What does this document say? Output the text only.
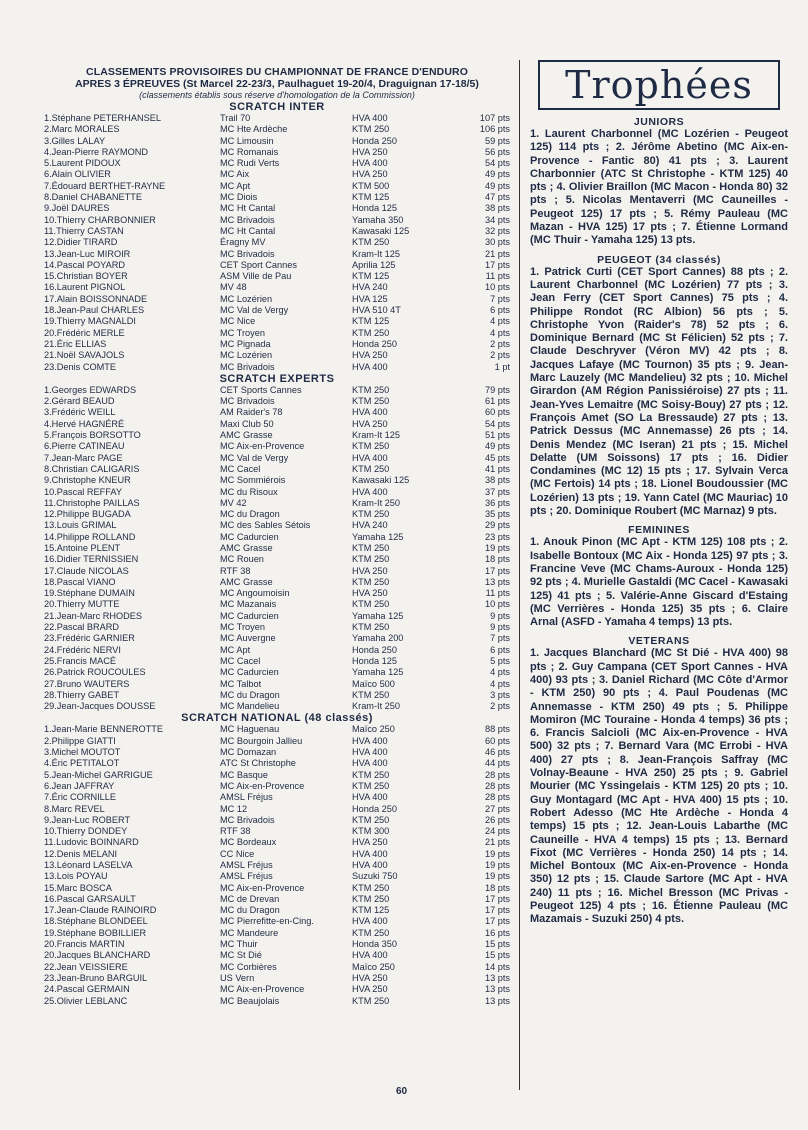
CLASSEMENTS PROVISOIRES DU CHAMPIONNAT DE FRANCE D'ENDURO
APRES 3 ÉPREUVES (St Marcel 22-23/3, Paulhaguet 19-20/4, Draguignan 17-18/5)
(classements établis sous réserve d'homologation de la Commission)
SCRATCH INTER
1.Stéphane PETERHANSEL	Trail 70	HVA 400	107 pts
2.Marc MORALES	MC Hte Ardèche	KTM 250	106 pts
3.Gilles LALAY	MC Limousin	Honda 250	59 pts
4.Jean-Pierre RAYMOND	MC Romanais	HVA 250	56 pts
5.Laurent PIDOUX	MC Rudi Verts	HVA 400	54 pts
6.Alain OLIVIER	MC Aix	HVA 250	49 pts
7.Édouard BERTHET-RAYNE	MC Apt	KTM 500	49 pts
8.Daniel CHABANETTE	MC Diois	KTM 125	47 pts
9.Joël DAURES	MC Ht Cantal	Honda 125	38 pts
10.Thierry CHARBONNIER	MC Brivadois	Yamaha 350	34 pts
11.Thierry CASTAN	MC Ht Cantal	Kawasaki 125	32 pts
12.Didier TIRARD	Éragny MV	KTM 250	30 pts
13.Jean-Luc MIROIR	MC Brivadois	Kram-It 125	21 pts
14.Pascal POYARD	CET Sport Cannes	Aprilia 125	17 pts
15.Christian BOYER	ASM Ville de Pau	KTM 125	11 pts
16.Laurent PIGNOL	MV 48	HVA 240	10 pts
17.Alain BOISSONNADE	MC Lozérien	HVA 125	7 pts
18.Jean-Paul CHARLES	MC Val de Vergy	HVA 510 4T	6 pts
19.Thierry MAGNALDI	MC Nice	KTM 125	4 pts
20.Frédéric MERLE	MC Troyen	KTM 250	4 pts
21.Éric ELLIAS	MC Pignada	Honda 250	2 pts
21.Noël SAVAJOLS	MC Lozérien	HVA 250	2 pts
23.Denis COMTE	MC Brivadois	HVA 400	1 pt
SCRATCH EXPERTS
1.Georges EDWARDS	CET Sports Cannes	KTM 250	79 pts
2.Gérard BEAUD	MC Brivadois	KTM 250	61 pts
3.Frédéric WEILL	AM Raider's 78	HVA 400	60 pts
4.Hervé HAGNÉRÉ	Maxi Club 50	HVA 250	54 pts
5.François BORSOTTO	AMC Grasse	Kram-It 125	51 pts
6.Pierre CATINEAU	MC Aix-en-Provence	KTM 250	49 pts
7.Jean-Marc PAGE	MC Val de Vergy	HVA 400	45 pts
8.Christian CALIGARIS	MC Cacel	KTM 250	41 pts
9.Christophe KNEUR	MC Sommiérois	Kawasaki 125	38 pts
10.Pascal REFFAY	MC du Risoux	HVA 400	37 pts
11.Christophe PAILLAS	MV 42	Kram-It 250	36 pts
12.Philippe BUGADA	MC du Dragon	KTM 250	35 pts
13.Louis GRIMAL	MC des Sables Sétois	HVA 240	29 pts
14.Philippe ROLLAND	MC Cadurcien	Yamaha 125	23 pts
15.Antoine PLENT	AMC Grasse	KTM 250	19 pts
16.Didier TERNISSIEN	MC Rouen	KTM 250	18 pts
17.Claude NICOLAS	RTF 38	HVA 250	17 pts
18.Pascal VIANO	AMC Grasse	KTM 250	13 pts
19.Stéphane DUMAIN	MC Angoumoisin	HVA 250	11 pts
20.Thierry MUTTE	MC Mazanais	KTM 250	10 pts
21.Jean-Marc RHODES	MC Cadurcien	Yamaha 125	9 pts
22.Pascal BRARD	MC Troyen	KTM 250	9 pts
23.Frédéric GARNIER	MC Auvergne	Yamaha 200	7 pts
24.Frédéric NERVI	MC Apt	Honda 250	6 pts
25.Francis MACÉ	MC Cacel	Honda 125	5 pts
26.Patrick ROUCOULES	MC Cadurcien	Yamaha 125	4 pts
27.Bruno WAUTERS	MC Talbot	Maïco 500	4 pts
28.Thierry GABET	MC du Dragon	KTM 250	3 pts
29.Jean-Jacques DOUSSE	MC Mandelieu	Kram-It 250	2 pts
SCRATCH NATIONAL (48 classés)
1.Jean-Marie BENNEROTTE	MC Haguenau	Maïco 250	88 pts
2.Philippe GIATTI	MC Bourgoin Jallieu	HVA 400	60 pts
3.Michel MOUTOT	MC Domazan	HVA 400	46 pts
4.Éric PETITALOT	ATC St Christophe	HVA 400	44 pts
5.Jean-Michel GARRIGUE	MC Basque	KTM 250	28 pts
6.Jean JAFFRAY	MC Aix-en-Provence	KTM 250	28 pts
7.Éric CORNILLE	AMSL Fréjus	HVA 400	28 pts
8.Marc REVEL	MC 12	Honda 250	27 pts
9.Jean-Luc ROBERT	MC Brivadois	KTM 250	26 pts
10.Thierry DONDEY	RTF 38	KTM 300	24 pts
11.Ludovic BOINNARD	MC Bordeaux	HVA 250	21 pts
12.Denis MELANI	CC Nice	HVA 400	19 pts
13.Léonard LASELVA	AMSL Fréjus	HVA 400	19 pts
13.Lois POYAU	AMSL Fréjus	Suzuki 750	19 pts
15.Marc BOSCA	MC Aix-en-Provence	KTM 250	18 pts
16.Pascal GARSAULT	MC de Drevan	KTM 250	17 pts
17.Jean-Claude RAINOIRD	MC du Dragon	KTM 125	17 pts
18.Stéphane BLONDEEL	MC Pierrefitte-en-Cing.	HVA 400	17 pts
19.Stéphane BOBILLIER	MC Mandeure	KTM 250	16 pts
20.Francis MARTIN	MC Thuir	Honda 350	15 pts
20.Jacques BLANCHARD	MC St Dié	HVA 400	15 pts
22.Jean VEISSIERE	MC Corbières	Maïco 250	14 pts
23.Jean-Bruno BARGUIL	US Vern	HVA 250	13 pts
24.Pascal GERMAIN	MC Aix-en-Provence	HVA 250	13 pts
25.Olivier LEBLANC	MC Beaujolais	KTM 250	13 pts
Trophées
JUNIORS
1. Laurent Charbonnel (MC Lozérien - Peugeot 125) 114 pts ; 2. Jérôme Abetino (MC Aix-en-Provence - Fantic 80) 41 pts ; 3. Laurent Charbonnier (ATC St Christophe - KTM 125) 40 pts ; 4. Olivier Braillon (MC Macon - Honda 80) 32 pts ; 5. Nicolas Mentaverri (MC Cauneilles - Peugeot 125) 17 pts ; 5. Rémy Pauleau (MC Mazan - HVA 125) 17 pts ; 7. Étienne Lormand (MC Thuir - Yamaha 125) 13 pts.
PEUGEOT (34 classés)
1. Patrick Curti (CET Sport Cannes) 88 pts ; 2. Laurent Charbonnel (MC Lozérien) 77 pts ; 3. Jean Ferry (CET Sport Cannes) 75 pts ; 4. Philippe Rondot (RC Albion) 56 pts ; 5. Christophe Yvon (Raider's 78) 52 pts ; 6. Dominique Bernard (MC St Félicien) 52 pts ; 7. Claude Deschryver (Véron MV) 42 pts ; 8. Jacques Lafaye (MC Tournon) 35 pts ; 9. Jean-Marc Lauzely (MC Mandelieu) 32 pts ; 10. Michel Girardon (AM Région Panissiéroise) 27 pts ; 11. Jean-Yves Lemaitre (MC Soisy-Bouy) 27 pts ; 12. François Amet (SO La Bressaude) 27 pts ; 13. Patrick Dessus (MC Annemasse) 26 pts ; 14. Denis Mendez (MC Iseran) 21 pts ; 15. Michel Delatte (UM Soissons) 17 pts ; 16. Didier Condamines (MC 12) 15 pts ; 17. Sylvain Verca (MC Fertois) 14 pts ; 18. Lionel Boudoussier (MC Lozérien) 13 pts ; 19. Yann Catel (MC Mauriac) 10 pts ; 20. Dominique Roubert (MC Marnaz) 9 pts.
FEMININES
1. Anouk Pinon (MC Apt - KTM 125) 108 pts ; 2. Isabelle Bontoux (MC Aix - Honda 125) 97 pts ; 3. Francine Veve (MC Chams-Auroux - Honda 125) 92 pts ; 4. Murielle Gastaldi (MC Cacel - Kawasaki 125) 41 pts ; 5. Valérie-Anne Giscard d'Estaing (MC Verrières - Honda 125) 35 pts ; 6. Claire Arnal (ASFD - Yamaha 4 temps) 13 pts.
VETERANS
1. Jacques Blanchard (MC St Dié - HVA 400) 98 pts ; 2. Guy Campana (CET Sport Cannes - HVA 400) 93 pts ; 3. Daniel Richard (MC Côte d'Armor - KTM 250) 90 pts ; 4. Paul Poudenas (MC Annemasse - KTM 250) 49 pts ; 5. Philippe Momiron (MC Touraine - Honda 4 temps) 36 pts ; 6. Francis Salcioli (MC Aix-en-Provence - HVA 500) 32 pts ; 7. Bernard Vara (MC Errobi - HVA 400) 27 pts ; 8. Jean-François Saffray (MC Volnay-Beaune - HVA 250) 25 pts ; 9. Gabriel Mourier (MC Yssingelais - KTM 125) 20 pts ; 10. Guy Montagard (MC Apt - HVA 400) 15 pts ; 10. Robert Adesso (MC Hte Ardèche - Honda 4 temps) 15 pts ; 12. Jean-Louis Labarthe (MC Cauneille - HVA 4 temps) 15 pts ; 13. Bernard Fixot (MC Verrières - Honda 250) 14 pts ; 14. Michel Bontoux (MC Aix-en-Provence - Honda 350) 12 pts ; 15. Claude Sartore (MC Apt - HVA 240) 11 pts ; 16. Michel Bresson (MC Privas - Peugeot 125) 4 pts ; 16. Étienne Pauleau (MC Mazamais - Suzuki 250) 4 pts.
60
